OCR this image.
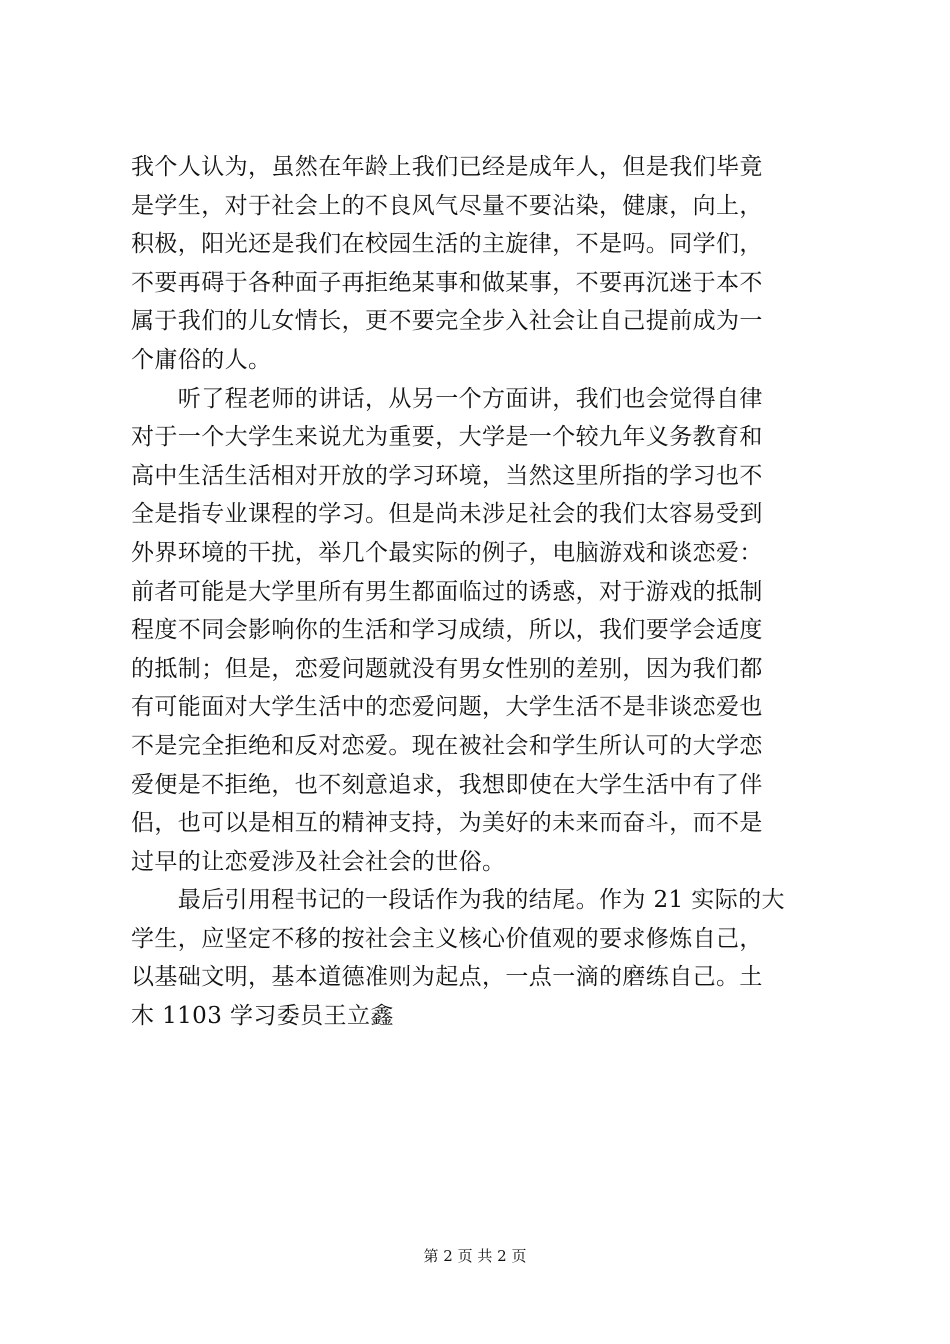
我个人认为，虽然在年龄上我们已经是成年人，但是我们毕竟
是学生，对于社会上的不良风气尽量不要沾染，健康，向上，
积极，阳光还是我们在校园生活的主旋律，不是吗。同学们，
不要再碍于各种面子再拒绝某事和做某事，不要再沉迷于本不
属于我们的儿女情长，更不要完全步入社会让自己提前成为一
个庸俗的人。
　　听了程老师的讲话，从另一个方面讲，我们也会觉得自律
对于一个大学生来说尤为重要，大学是一个较九年义务教育和
高中生活生活相对开放的学习环境，当然这里所指的学习也不
全是指专业课程的学习。但是尚未涉足社会的我们太容易受到
外界环境的干扰，举几个最实际的例子，电脑游戏和谈恋爱：
前者可能是大学里所有男生都面临过的诱惑，对于游戏的抵制
程度不同会影响你的生活和学习成绩，所以，我们要学会适度
的抵制；但是，恋爱问题就没有男女性别的差别，因为我们都
有可能面对大学生活中的恋爱问题，大学生活不是非谈恋爱也
不是完全拒绝和反对恋爱。现在被社会和学生所认可的大学恋
爱便是不拒绝，也不刻意追求，我想即使在大学生活中有了伴
侣，也可以是相互的精神支持，为美好的未来而奋斗，而不是
过早的让恋爱涉及社会社会的世俗。
　　最后引用程书记的一段话作为我的结尾。作为 21 实际的大
学生，应坚定不移的按社会主义核心价值观的要求修炼自己，
以基础文明，基本道德准则为起点，一点一滴的磨练自己。土
木 1103 学习委员王立鑫
第 2 页 共 2 页
